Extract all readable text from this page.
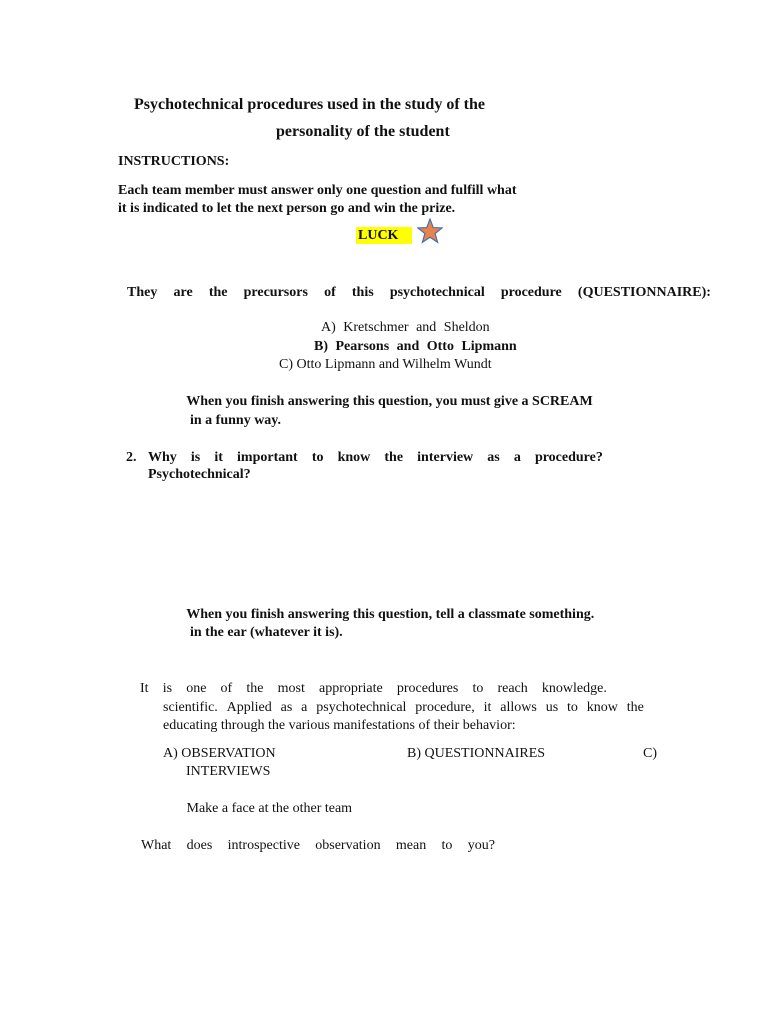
Psychotechnical procedures used in the study of the
personality of the student
INSTRUCTIONS:
Each team member must answer only one question and fulfill what
it is indicated to let the next person go and win the prize.
LUCK
They are the precursors of this psychotechnical procedure (QUESTIONNAIRE):
A) Kretschmer and Sheldon
B) Pearsons and Otto Lipmann
C) Otto Lipmann and Wilhelm Wundt
When you finish answering this question, you must give a SCREAM
in a funny way.
2. Why is it important to know the interview as a procedure?
Psychotechnical?
When you finish answering this question, tell a classmate something.
in the ear (whatever it is).
It is one of the most appropriate procedures to reach knowledge.
scientific. Applied as a psychotechnical procedure, it allows us to know the
educating through the various manifestations of their behavior:
A) OBSERVATION	B) QUESTIONNAIRES	C)
INTERVIEWS
Make a face at the other team
What does introspective observation mean to you?
